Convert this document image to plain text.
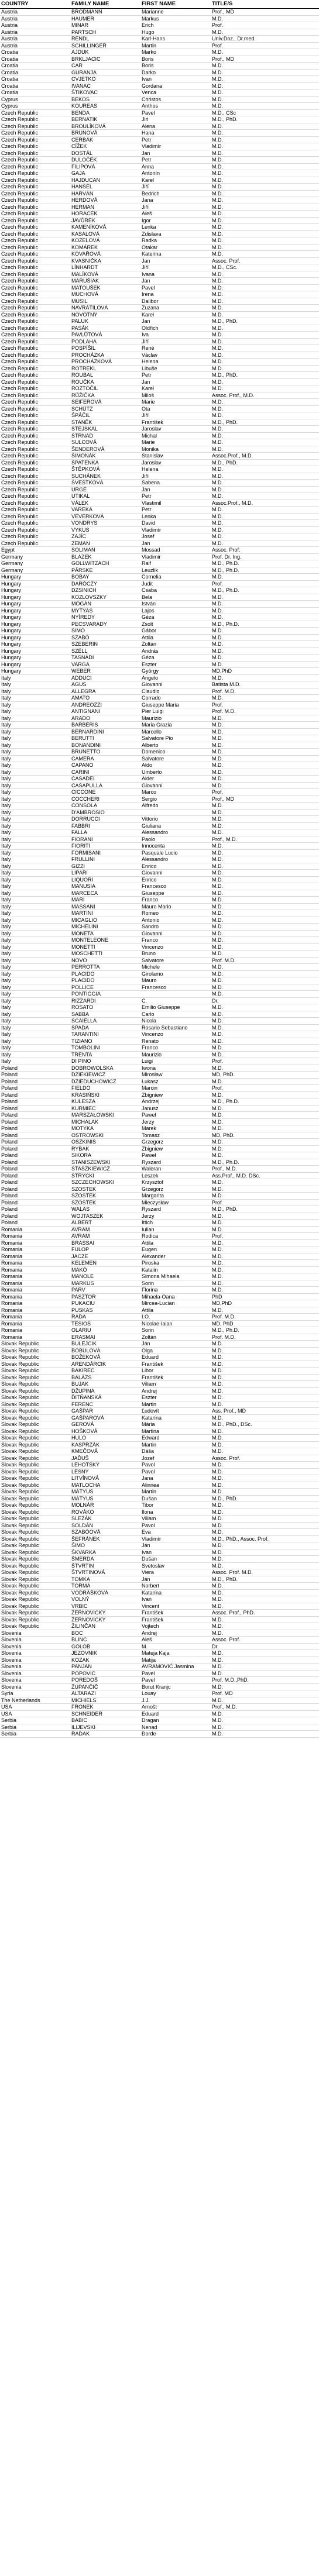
COUNTRY	FAMILY NAME	FIRST NAME	TITLE/S
Austria	BRODMANN	Marianne	Prof., MD
Austria	HAUMER	Markus	M.D.
Austria	MINAR	Erich	Prof.
Austria	PARTSCH	Hugo	M.D.
Austria	RENDL	Karl-Hans	Univ.Doz., Dr.med.
Austria	SCHILLINGER	Martin	Prof.
Croatia	AJDUK	Marko	M.D.
Croatia	BRKLJACIC	Boris	Prof., MD
Croatia	CAR	Boris	M.D.
Croatia	GURANJA	Darko	M.D.
Croatia	CVJETKO	Ivan	M.D.
Croatia	IVANAC	Gordana	M.D.
Croatia	ŠTIKOVAC	Venca	M.D.
Cyprus	BEKOS	Christos	M.D.
Cyprus	KOUREAS	Anthos	M.D.
Czech Republic	BENDA	Pavel	M.D., CSc
Czech Republic	BERNATIK	Jiri	M.D., PhD.
Czech Republic	BROULÍKOVÁ	Alena	M.D.
Czech Republic	BRUNOVÁ	Hana	M.D.
Czech Republic	CERBÁK	Petr	M.D.
Czech Republic	CÍŽEK	Vladimír	M.D.
Czech Republic	DOSTÁL	Jan	M.D.
Czech Republic	DULOČEK	Petr	M.D.
Czech Republic	FILIPOVÁ	Anna	M.D.
Czech Republic	GAJA	Antonín	M.D.
Czech Republic	HAJDUCAN	Karel	M.D.
Czech Republic	HANSEL	Jiří	M.D.
Czech Republic	HARVÁN	Bedrich	M.D.
Czech Republic	HERDOVÁ	Jana	M.D.
Czech Republic	HERMAN	Jiří	M.D.
Czech Republic	HORACEK	Aleš	M.D.
Czech Republic	JAVŮREK	Igor	M.D.
Czech Republic	KAMENÍKOVÁ	Lenka	M.D.
Czech Republic	KASALOVÁ	Zdislava	M.D.
Czech Republic	KOZELOVÁ	Radka	M.D.
Czech Republic	KOMÁREK	Otakar	M.D.
Czech Republic	KOVAŘOVÁ	Katerina	M.D.
Czech Republic	KVASNIČKA	Jan	Assoc. Prof.
Czech Republic	LÍNHARDT	Jiří	M.D., CSc.
Czech Republic	MALÍKOVÁ	Ivana	M.D.
Czech Republic	MARUŠIAK	Jan	M.D.
Czech Republic	MATOUŠEK	Pavel	M.D.
Czech Republic	MUCHOVÁ	Irena	M.D.
Czech Republic	MUSIL	Dalibor	M.D.
Czech Republic	NAVRÁTILOVÁ	Zuzana	M.D.
Czech Republic	NOVOTNÝ	Karel	M.D.
Czech Republic	PALUK	Jan	M.D., PhD.
Czech Republic	PASÁK	Oldřich	M.D.
Czech Republic	PAVLŮTOVÁ	Iva	M.D.
Czech Republic	PODLAHA	Jiří	M.D.
Czech Republic	POSPÍŠIL	René	M.D.
Czech Republic	PROCHÁZKA	Václav	M.D.
Czech Republic	PROCHÁZKOVÁ	Helena	M.D.
Czech Republic	ROTREKL	Libuše	M.D.
Czech Republic	ROUBAL	Petr	M.D., PhD.
Czech Republic	ROUČKA	Jan	M.D.
Czech Republic	ROZTOČIL	Karel	M.D.
Czech Republic	RŮŽIČKA	Miloš	Assoc. Prof., M.D.
Czech Republic	SEIFEROVÁ	Marie	M.D.
Czech Republic	SCHÜTZ	Ota	M.D.
Czech Republic	ŠPÁČIL	Jiří	M.D.
Czech Republic	STANĚK	František	M.D., PhD.
Czech Republic	STEJSKAL	Jaroslav	M.D.
Czech Republic	STRNAD	Michal	M.D.
Czech Republic	SULCOVÁ	Marie	M.D.
Czech Republic	ŠENDEROVÁ	Monika	M.D.
Czech Republic	ŠIMONÁK	Stanislav	Assoc.Prof., M.D.
Czech Republic	ŠPATENKA	Jaroslav	M.D., PhD.
Czech Republic	ŠTĚPKOVÁ	Helena	M.D.
Czech Republic	SUCHÁNEK	Jiří	M.D.
Czech Republic	ŠVESTKOVÁ	Sabena	M.D.
Czech Republic	URGE	Jan	M.D.
Czech Republic	UTIKAL	Petr	M.D.
Czech Republic	VÁLEK	Vlastimil	Assoc.Prof., M.D.
Czech Republic	VAREKA	Petr	M.D.
Czech Republic	VEVERKOVÁ	Lenka	M.D.
Czech Republic	VONDRYS	David	M.D.
Czech Republic	VYKUS	Vladimír	M.D.
Czech Republic	ZAJÍC	Josef	M.D.
Czech Republic	ZEMAN	Jan	M.D.
Egypt	SOLIMAN	Mossad	Assoc. Prof.
Germany	BLAZEK	Vladimir	Prof. Dr. Ing.
Germany	GOLLWITZACH	Ralf	M.D., Ph.D.
Germany	PÄRSKE	Leuzlik	M.D., Ph.D.
Hungary	BOBAY	Cornelia	M.D.
Hungary	DARÓCZY	Judit	Prof.
Hungary	DZSINICH	Csaba	M.D., Ph.D.
Hungary	KOZLOVSZKY	Bela	M.D.
Hungary	MOGÁN	István	M.D.
Hungary	MYTYAS	Lajos	M.D.
Hungary	NYÍREDY	Géza	M.D.
Hungary	PECSVARADY	Zsolt	M.D., Ph.D.
Hungary	SIMÓ	Gábor	M.D.
Hungary	SZABÓ	Attila	M.D.
Hungary	SZEBERIN	Zoltán	M.D.
Hungary	SZÉLL	András	M.D.
Hungary	TASNÁDI	Géza	M.D.
Hungary	VARGA	Eszter	M.D.
Hungary	WEBER	György	MD,PhD
Italy	ADDUCI	Angelo	M.D.
Italy	AGUS	Giovanni	Batista M.D.
Italy	ALLEGRA	Claudio	Prof. M.D.
Italy	AMATO	Corrado	M.D.
Italy	ANDREOZZI	Giuseppe Maria	Prof.
Italy	ANTIGNANI	Pier Luigi	Prof. M.D.
Italy	ARADO	Maurizio	M.D.
Italy	BARBERIS	Maria Grazia	M.D.
Italy	BERNARDINI	Marcello	M.D.
Italy	BERUTTI	Salvatore Pio	M.D.
Italy	BONANDINI	Alberto	M.D.
Italy	BRUNETTO	Domenico	M.D.
Italy	CAMERA	Salvatore	M.D.
Italy	CAPANO	Aldo	M.D.
Italy	CARINI	Umberto	M.D.
Italy	CASADEI	Alder	M.D.
Italy	CASAPULLA	Giovanni	M.D.
Italy	CICCONE	Marco	Prof.
Italy	COCCHERI	Sergio	Prof., MD
Italy	CONSOLA	Alfredo	M.D.
Italy	D'AMBROSIO		M.D.
Italy	DORRUCCI	Vittorio	M.D.
Italy	FABBRI	Giuliana	M.D.
Italy	FALLA	Alessandro	M.D.
Italy	FIORANI	Paolo	Prof., M.D.
Italy	FIORITI	Innocenta	M.D.
Italy	FORMISANI	Pasquale Lucio	M.D.
Italy	FRULLINI	Alessandro	M.D.
Italy	GIZZI	Enrico	M.D.
Italy	LIPARI	Giovanni	M.D.
Italy	LIQUORI	Enrico	M.D.
Italy	MANUSIA	Francesco	M.D.
Italy	MARCECA	Giuseppe	M.D.
Italy	MARI	Franco	M.D.
Italy	MASSANI	Mauro Mario	M.D.
Italy	MARTINI	Romeo	M.D.
Italy	MICAGLIO	Antonio	M.D.
Italy	MICHELINI	Sandro	M.D.
Italy	MONETA	Giovanni	M.D.
Italy	MONTELEONE	Franco	M.D.
Italy	MONETTI	Vincenzo	M.D.
Italy	MOSCHETTI	Bruno	M.D.
Italy	NOVO	Salvatore	Prof. M.D.
Italy	PERROTTA	Michele	M.D.
Italy	PLACIDO	Girolamo	M.D.
Italy	PLACIDO	Mauro	M.D.
Italy	POLLICE	Francesco	M.D.
Italy	PONTIGGIA		M.D.
Italy	RIZZARDI	C.	Dr.
Italy	ROSATO	Emilio Giuseppe	M.D.
Italy	SABBA	Carlo	M.D.
Italy	SCAIELLA	Nicola	M.D.
Italy	SPADA	Rosario Sebastiano	M.D.
Italy	TARANTINI	Vincenzo	M.D.
Italy	TIZIANO	Renato	M.D.
Italy	TOMBOLINI	Franco	M.D.
Italy	TRENTA	Maurizio	M.D.
Italy	DI PINO	Luigi	Prof.
Poland	DOBROWOLSKA	Iwona	M.D.
Poland	DZIEKIEWICZ	Mirosław	MD, PhD.
Poland	DZIEDUCHOWICZ	Łukasz	M.D.
Poland	FIELDO	Marcin	Prof.
Poland	KRASIŃSKI	Zbigniew	M.D.
Poland	KULESZA	Andrzej	M.D., Ph.D.
Poland	KURMIEC	Janusz	M.D.
Poland	MARSZAŁOWSKI	Paweł	M.D.
Poland	MICHALAK	Jerzy	M.D.
Poland	MOTYKA	Marek	M.D.
Poland	OSTROWSKI	Tomasz	MD, PhD.
Poland	OSZKINIS	Grzegorz	M.D.
Poland	RYBAK	Zbigniew	M.D.
Poland	SIKORA	Paweł	M.D.
Poland	STANISZEWSKI	Ryszard	M.D., Ph.D.
Poland	STASZKIEWICZ	Waleran	Prof., M.D.
Poland	STRYCKI	Leszek	Ass.Prof., M.D. DSc.
Poland	SZCZECHOWSKI	Krzysztof	M.D.
Poland	SZOSTEK	Grzegorz	M.D.
Poland	SZOSTEK	Margarita	M.D.
Poland	SZOSTEK	Mieczysław	Prof.
Poland	WALAS	Ryszard	M.D., PhD.
Poland	WOJTASZEK	Jerzy	M.D.
Poland	ALBERT	Ittich	M.D.
Romania	AVRAM	Iulian	M.D.
Romania	AVRAM	Rodica	Prof.
Romania	BRASSAI	Attila	M.D.
Romania	FULOP	Eugen	M.D.
Romania	JACZE	Alexander	M.D.
Romania	KELEMEN	Piroska	M.D.
Romania	MAKÓ	Katalin	M.D.
Romania	MANOLE	Simona Mihaela	M.D.
Romania	MARKUS	Sorin	M.D.
Romania	PARV	Florina	M.D.
Romania	PASZTOR	Mihaela-Oana	PhD
Romania	PUKACIU	Mircea-Lucian	MD,PhD
Romania	PUSKAS	Attila	M.D.
Romania	RADA	I.O.	Prof. M.D.
Romania	TESIOS	Nicolae-Iaian	MD, PhD
Romania	OLARIU	Sorin	M.D., Ph.D.
Romania	ERASMAI	Zoltán	Prof. M.D.
Slovak Republic	BULEJCIK	Ján	M.D.
Slovak Republic	BOBULOVÁ	Olga	M.D.
Slovak Republic	BOŽEKOVÁ	Eduard	M.D.
Slovak Republic	ARENDÁRCIK	František	M.D.
Slovak Republic	BAKIREC	Libor	M.D.
Slovak Republic	BALÁZS	František	M.D.
Slovak Republic	BUJAK	Viliam	M.D.
Slovak Republic	DŽUPINA	Andrej	M.D.
Slovak Republic	ĎITŇANSKÁ	Eszter	M.D.
Slovak Republic	FERENC	Martin	M.D.
Slovak Republic	GAŠPAR	Ľudovít	Ass. Prof., MD
Slovak Republic	GAŠPAROVÁ	Katarína	M.D.
Slovak Republic	GEROVÁ	Mária	M.D., PhD., DSc.
Slovak Republic	HOŠKOVÁ	Martina	M.D.
Slovak Republic	HULO	Edward	M.D.
Slovak Republic	KASPRZÁK	Martin	M.D.
Slovak Republic	KMEČOVÁ	Dáša	M.D.
Slovak Republic	JAĎUŠ	Jozef	Assoc. Prof.
Slovak Republic	LEHOTSKÝ	Pavol	M.D.
Slovak Republic	LESNÝ	Pavol	M.D.
Slovak Republic	LITVÍNOVÁ	Jana	M.D.
Slovak Republic	MATLOCHA	Alinnea	M.D.
Slovak Republic	MÁTYUS	Martin	M.D.
Slovak Republic	MÁTYUS	Dušan	M.D., PhD.
Slovak Republic	MOLNÁR	Tibor	M.D.
Slovak Republic	ROVÁKO	Ilona	M.D.
Slovak Republic	SLEZÁK	Viliam	M.D.
Slovak Republic	SOLDÁN	Pavol	M.D.
Slovak Republic	SZABÓOVÁ	Eva	M.D.
Slovak Republic	ŠEFRÁNEK	Vladimír	M.D., PhD., Assoc. Prof.
Slovak Republic	ŠIMO	Ján	M.D.
Slovak Republic	ŠKVARKA	Ivan	M.D.
Slovak Republic	ŠMERDA	Dušan	M.D.
Slovak Republic	ŠTVRTIN	Svetoslav	M.D.
Slovak Republic	ŠTVRTINOVÁ	Viera	Assoc. Prof. M.D.
Slovak Republic	TOMKA	Ján	M.D., PhD.
Slovak Republic	TORMA	Norbert	M.D.
Slovak Republic	VODRÁŠKOVÁ	Katarína	M.D.
Slovak Republic	VOLNÝ	Ivan	M.D.
Slovak Republic	VRBIC	Vincent	M.D.
Slovak Republic	ŽERNOVICKÝ	František	Assoc. Prof., PhD.
Slovak Republic	ŽERNOVICKÝ	František	M.D.
Slovak Republic	ŽILINČAN	Vojtech	M.D.
Slovenia	BOC	Andrej	M.D.
Slovenia	BLINC	Aleš	Assoc. Prof.
Slovenia	GOLOB	M.	Dr.
Slovenia	JEZOVNIK	Mateja Kaja	M.D.
Slovenia	KOZAK	Matija	M.D.
Slovenia	PANJAN	AVRAMOVIĆ Jasmina	M.D.
Slovenia	POPOVIC	Pavel	M.D.
Slovenia	POREDOŠ	Pavel	Prof. M.D.,PhD.
Slovenia	ŽUPANČIČ	Borut Kranjc	M.D.
Syria	ALTARAZI	Louay	Prof. MD
The Netherlands	MICHIELS	J.J.	M.D.
USA	FRONEK	Arnošt	Prof., M.D.
USA	SCHNEIDER	Eduard	M.D.
Serbia	BABIC	Dragan	M.D.
Serbia	ILIJEVSKI	Nenad	M.D.
Serbia	RADAK	Đorđe	M.D.
